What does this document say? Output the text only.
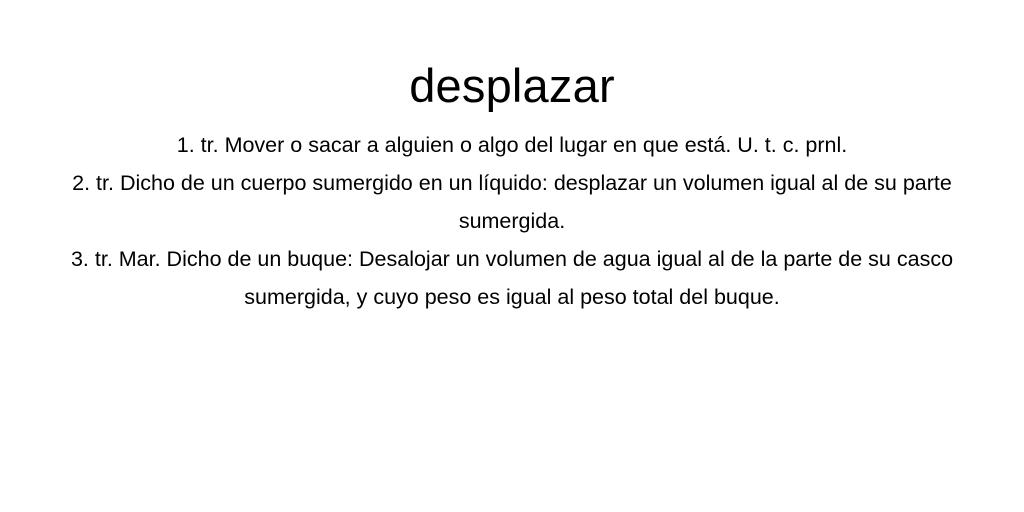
desplazar

1. tr. Mover o sacar a alguien o algo del lugar en que está. U. t. c. prnl.

2. tr. Dicho de un cuerpo sumergido en un líquido: desplazar un volumen igual al de su parte sumergida.

3. tr. Mar. Dicho de un buque: Desalojar un volumen de agua igual al de la parte de su casco sumergida, y cuyo peso es igual al peso total del buque.
